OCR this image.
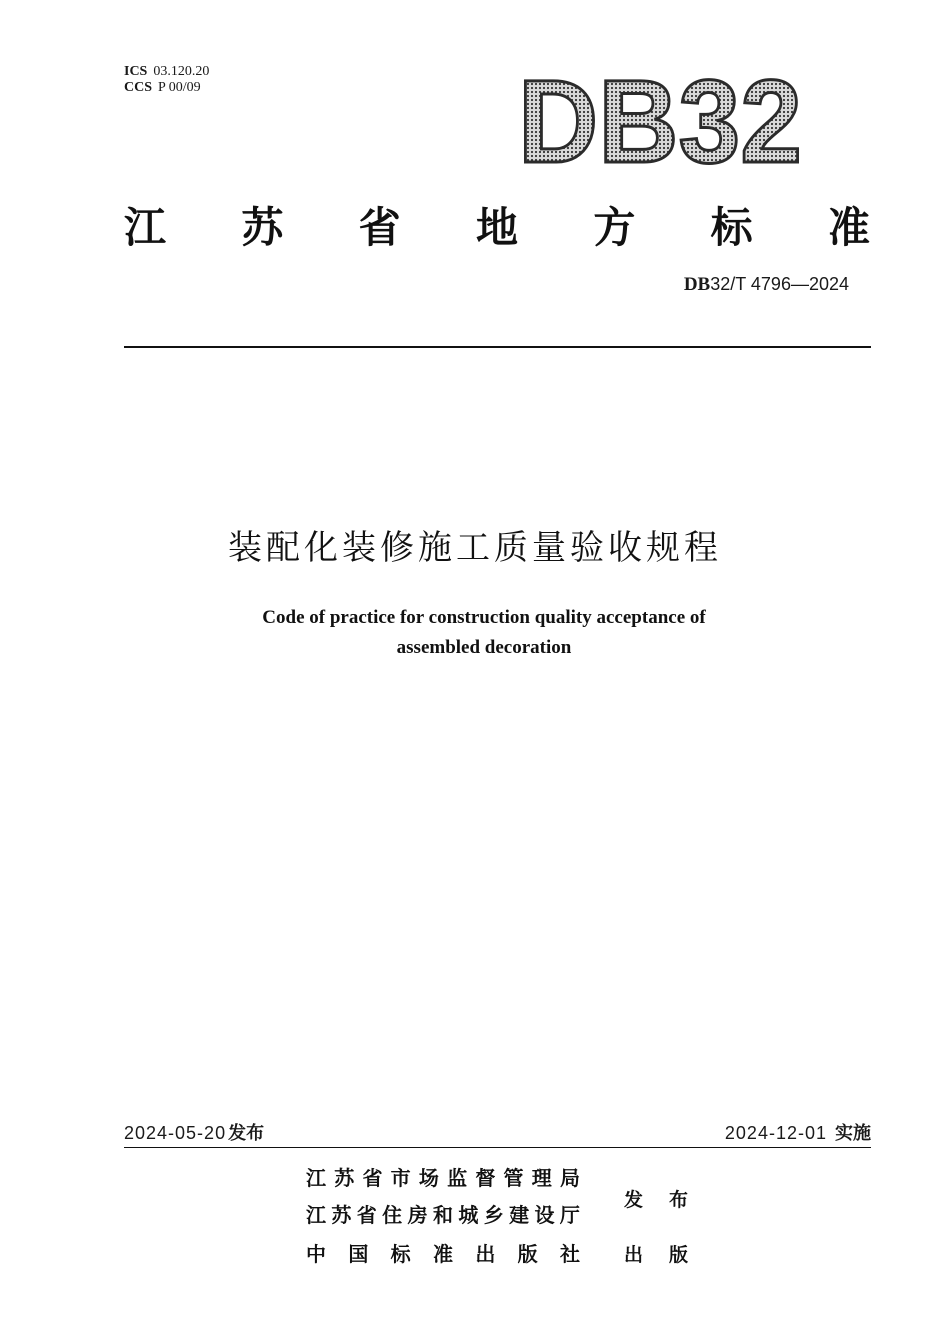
ICS 03.120.20
CCS P 00/09	DB32
江 苏 省 地 方 标 准
DB32/T 4796—2024
装配化装修施工质量验收规程
Code of practice for construction quality acceptance of
assembled decoration
2024-05-20 发布	2024-12-01 实施
江 苏 省 市 场 监 督 管 理 局
江 苏 省 住 房 和 城 乡 建 设 厅
中 国 标 准 出 版 社
发 布
出 版
